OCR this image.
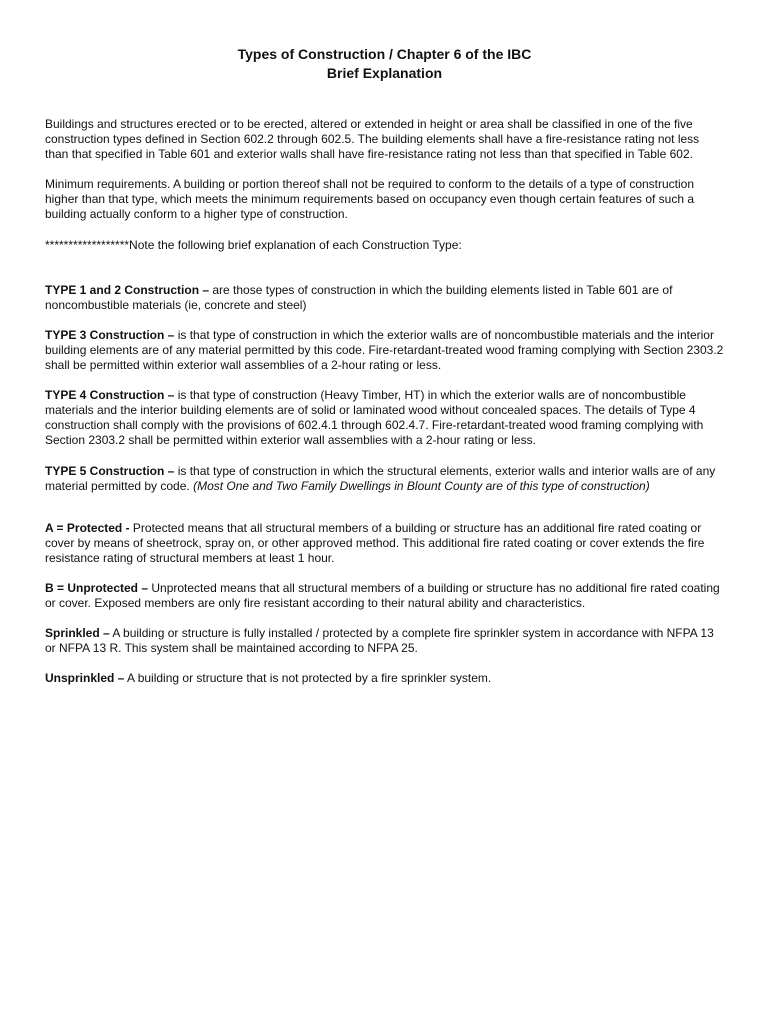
Types of Construction / Chapter 6 of the IBC
Brief Explanation

Buildings and structures erected or to be erected, altered or extended in height or area shall be classified in one of the five construction types defined in Section 602.2 through 602.5. The building elements shall have a fire-resistance rating not less than that specified in Table 601 and exterior walls shall have fire-resistance rating not less than that specified in Table 602.

Minimum requirements. A building or portion thereof shall not be required to conform to the details of a type of construction higher than that type, which meets the minimum requirements based on occupancy even though certain features of such a building actually conform to a higher type of construction.

******************Note the following brief explanation of each Construction Type:

TYPE 1 and 2 Construction – are those types of construction in which the building elements listed in Table 601 are of noncombustible materials (ie, concrete and steel)

TYPE 3 Construction – is that type of construction in which the exterior walls are of noncombustible materials and the interior building elements are of any material permitted by this code. Fire-retardant-treated wood framing complying with Section 2303.2 shall be permitted within exterior wall assemblies of a 2-hour rating or less.

TYPE 4 Construction – is that type of construction (Heavy Timber, HT) in which the exterior walls are of noncombustible materials and the interior building elements are of solid or laminated wood without concealed spaces. The details of Type 4 construction shall comply with the provisions of 602.4.1 through 602.4.7. Fire-retardant-treated wood framing complying with Section 2303.2 shall be permitted within exterior wall assemblies with a 2-hour rating or less.

TYPE 5 Construction – is that type of construction in which the structural elements, exterior walls and interior walls are of any material permitted by code. (Most One and Two Family Dwellings in Blount County are of this type of construction)

A = Protected - Protected means that all structural members of a building or structure has an additional fire rated coating or cover by means of sheetrock, spray on, or other approved method. This additional fire rated coating or cover extends the fire resistance rating of structural members at least 1 hour.

B = Unprotected – Unprotected means that all structural members of a building or structure has no additional fire rated coating or cover. Exposed members are only fire resistant according to their natural ability and characteristics.

Sprinkled – A building or structure is fully installed / protected by a complete fire sprinkler system in accordance with NFPA 13 or NFPA 13 R. This system shall be maintained according to NFPA 25.

Unsprinkled – A building or structure that is not protected by a fire sprinkler system.
